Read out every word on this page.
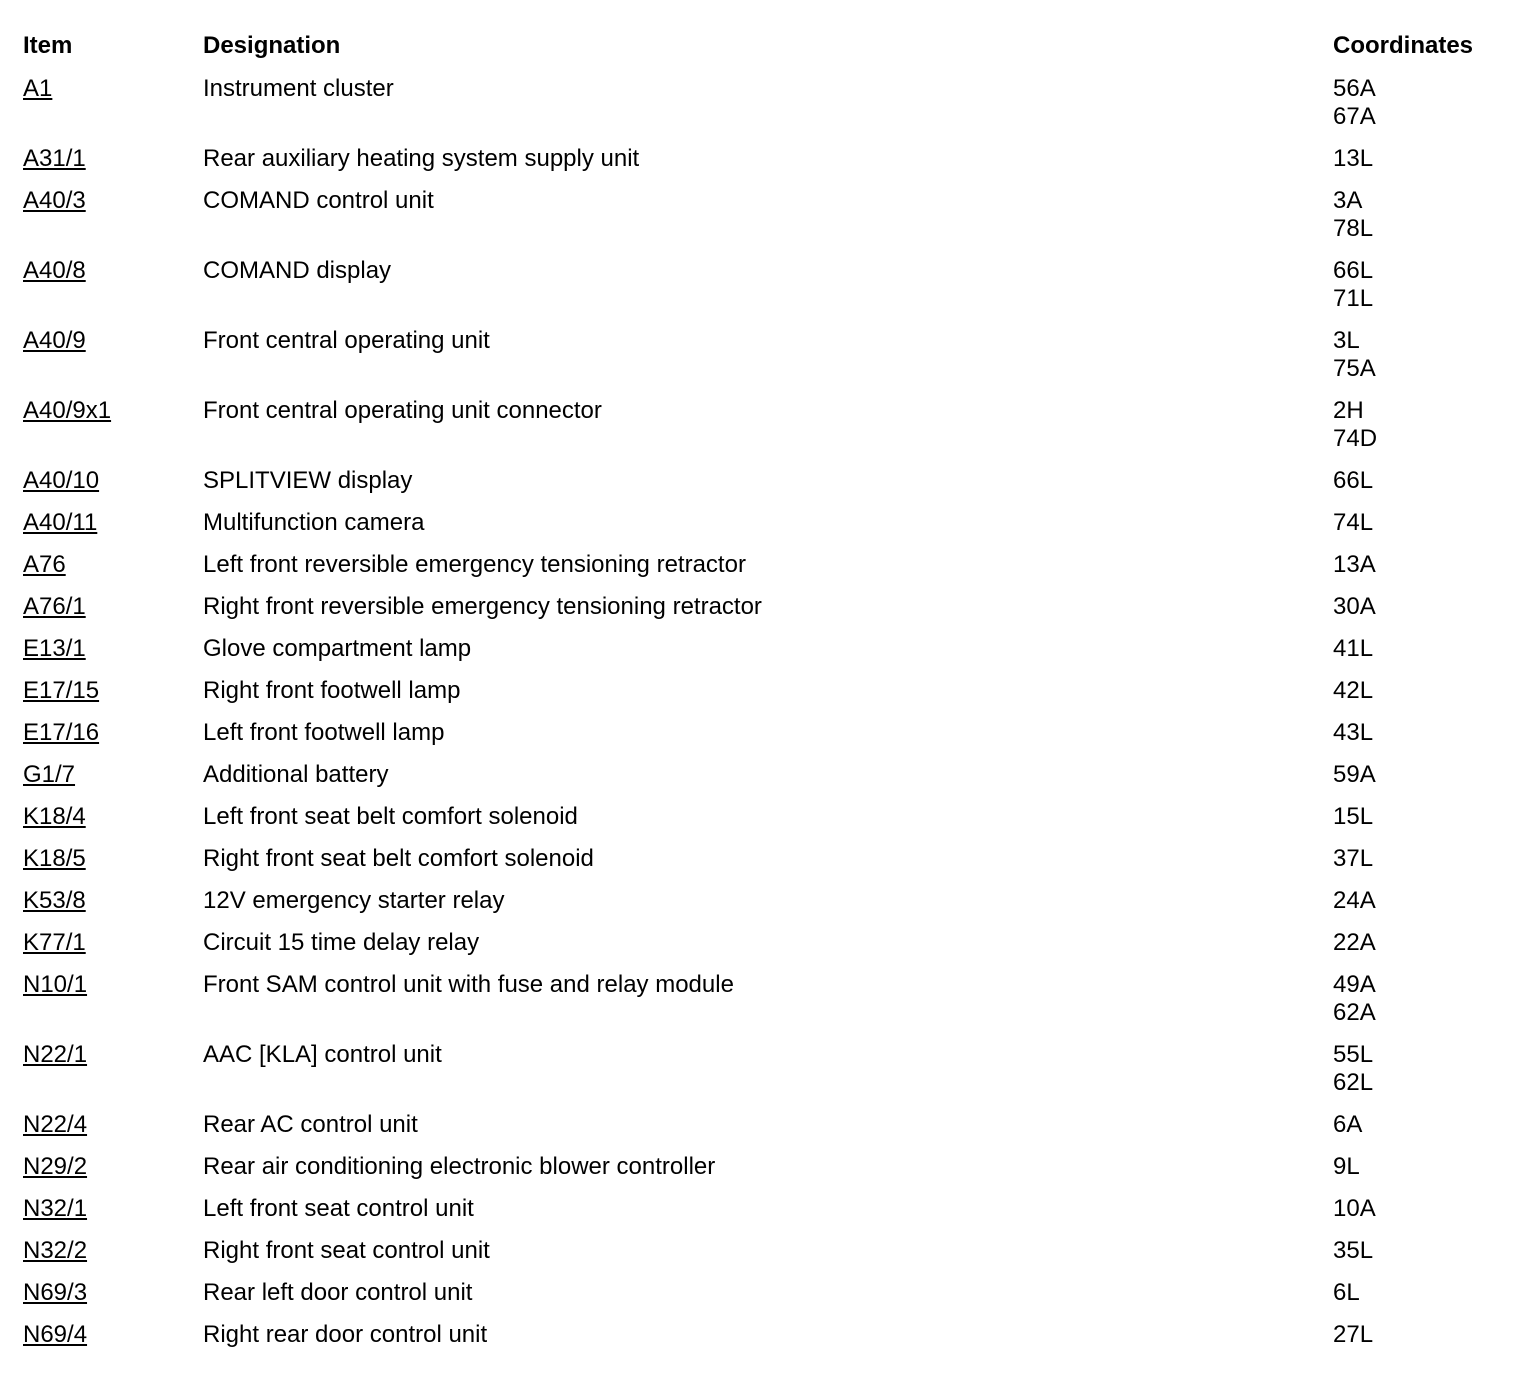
Item	Designation	Coordinates
A1	Instrument cluster	56A
67A
A31/1	Rear auxiliary heating system supply unit	13L
A40/3	COMAND control unit	3A
78L
A40/8	COMAND display	66L
71L
A40/9	Front central operating unit	3L
75A
A40/9x1	Front central operating unit connector	2H
74D
A40/10	SPLITVIEW display	66L
A40/11	Multifunction camera	74L
A76	Left front reversible emergency tensioning retractor	13A
A76/1	Right front reversible emergency tensioning retractor	30A
E13/1	Glove compartment lamp	41L
E17/15	Right front footwell lamp	42L
E17/16	Left front footwell lamp	43L
G1/7	Additional battery	59A
K18/4	Left front seat belt comfort solenoid	15L
K18/5	Right front seat belt comfort solenoid	37L
K53/8	12V emergency starter relay	24A
K77/1	Circuit 15 time delay relay	22A
N10/1	Front SAM control unit with fuse and relay module	49A
62A
N22/1	AAC [KLA] control unit	55L
62L
N22/4	Rear AC control unit	6A
N29/2	Rear air conditioning electronic blower controller	9L
N32/1	Left front seat control unit	10A
N32/2	Right front seat control unit	35L
N69/3	Rear left door control unit	6L
N69/4	Right rear door control unit	27L
